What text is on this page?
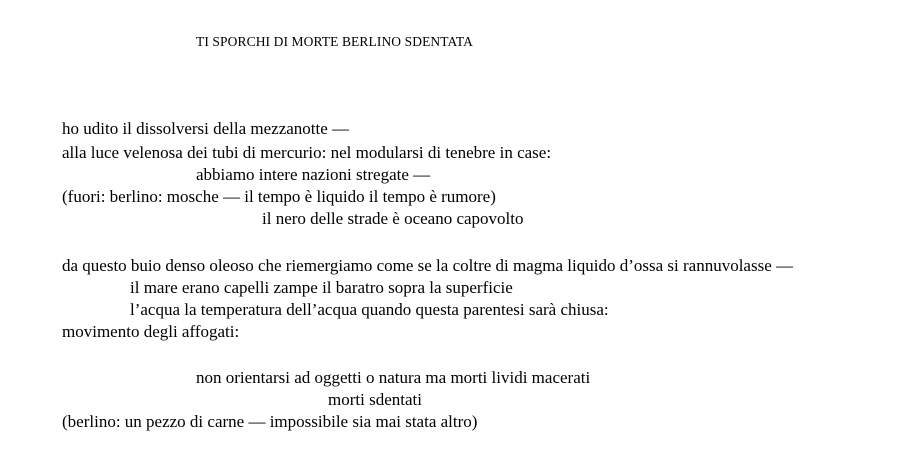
TI SPORCHI DI MORTE BERLINO SDENTATA
ho udito il dissolversi della mezzanotte —
alla luce velenosa dei tubi di mercurio: nel modularsi di tenebre in case:
abbiamo intere nazioni stregate —
(fuori: berlino: mosche — il tempo è liquido il tempo è rumore)
il nero delle strade è oceano capovolto
da questo buio denso oleoso che riemergiamo come se la coltre di magma liquido d’ossa si rannuvolasse —
il mare erano capelli zampe il baratro sopra la superficie
l’acqua la temperatura dell’acqua quando questa parentesi sarà chiusa:
movimento degli affogati:
non orientarsi ad oggetti o natura ma morti lividi macerati
morti sdentati
(berlino: un pezzo di carne — impossibile sia mai stata altro)
